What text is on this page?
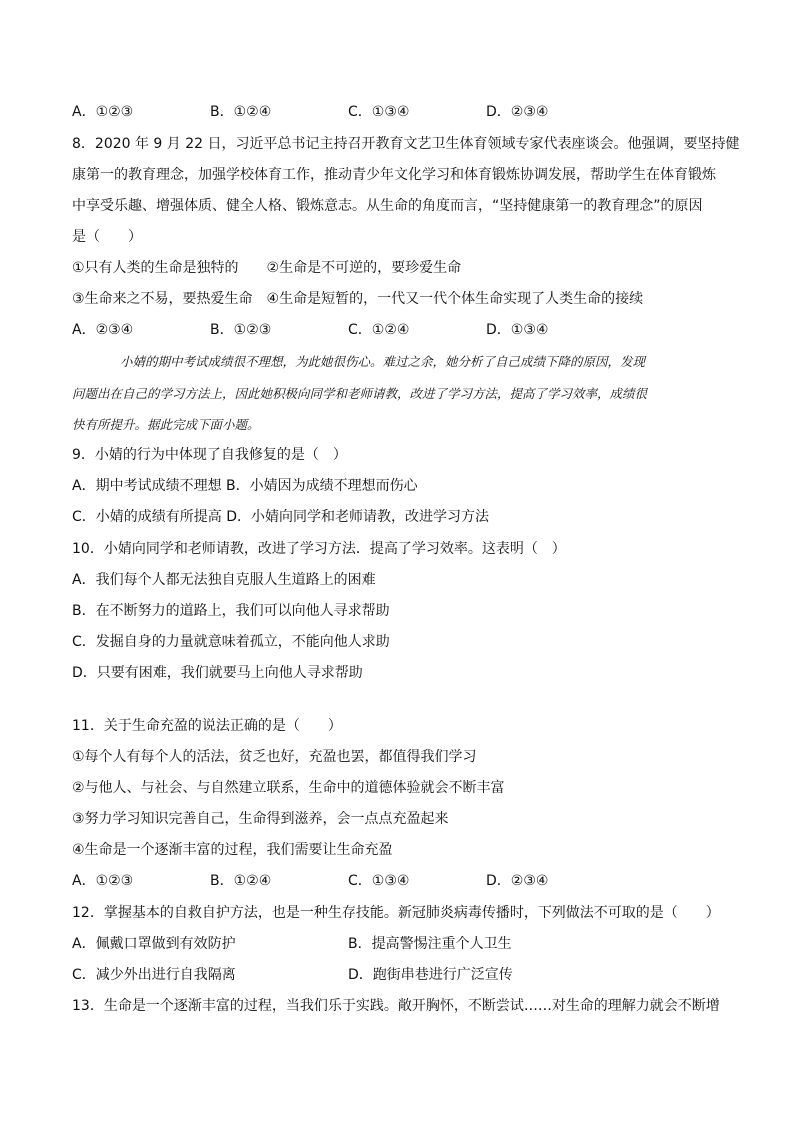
A．①②③	B．①②④	C．①③④	D．②③④
8．2020 年 9 月 22 日，习近平总书记主持召开教育文艺卫生体育领域专家代表座谈会。他强调，要坚持健
康第一的教育理念，加强学校体育工作，推动青少年文化学习和体育锻炼协调发展，帮助学生在体育锻炼
中享受乐趣、增强体质、健全人格、锻炼意志。从生命的角度而言，“坚持健康第一的教育理念”的原因
是（　　）
①只有人类的生命是独特的　　②生命是不可逆的，要珍爱生命
③生命来之不易，要热爱生命　④生命是短暂的，一代又一代个体生命实现了人类生命的接续
A．②③④	B．①②③	C．①②④	D．①③④
小婧的期中考试成绩很不理想，为此她很伤心。难过之余，她分析了自己成绩下降的原因，发现
问题出在自己的学习方法上，因此她积极向同学和老师请教，改进了学习方法，提高了学习效率，成绩很
快有所提升。据此完成下面小题。
9．小婧的行为中体现了自我修复的是（　）
A．期中考试成绩不理想 B．小婧因为成绩不理想而伤心
C．小婧的成绩有所提高 D．小婧向同学和老师请教，改进学习方法
10．小婧向同学和老师请教，改进了学习方法．提高了学习效率。这表明（　）
A．我们每个人都无法独自克服人生道路上的困难
B．在不断努力的道路上，我们可以向他人寻求帮助
C．发掘自身的力量就意味着孤立，不能向他人求助
D．只要有困难，我们就要马上向他人寻求帮助
11．关于生命充盈的说法正确的是（　　）
①每个人有每个人的活法，贫乏也好，充盈也罢，都值得我们学习
②与他人、与社会、与自然建立联系，生命中的道德体验就会不断丰富
③努力学习知识完善自己，生命得到滋养，会一点点充盈起来
④生命是一个逐渐丰富的过程，我们需要让生命充盈
A．①②③	B．①②④	C．①③④	D．②③④
12．掌握基本的自救自护方法，也是一种生存技能。新冠肺炎病毒传播时，下列做法不可取的是（　　）
A．佩戴口罩做到有效防护	B．提高警惕注重个人卫生
C．减少外出进行自我隔离	D．跑街串巷进行广泛宣传
13．生命是一个逐渐丰富的过程，当我们乐于实践。敞开胸怀，不断尝试……对生命的理解力就会不断增
